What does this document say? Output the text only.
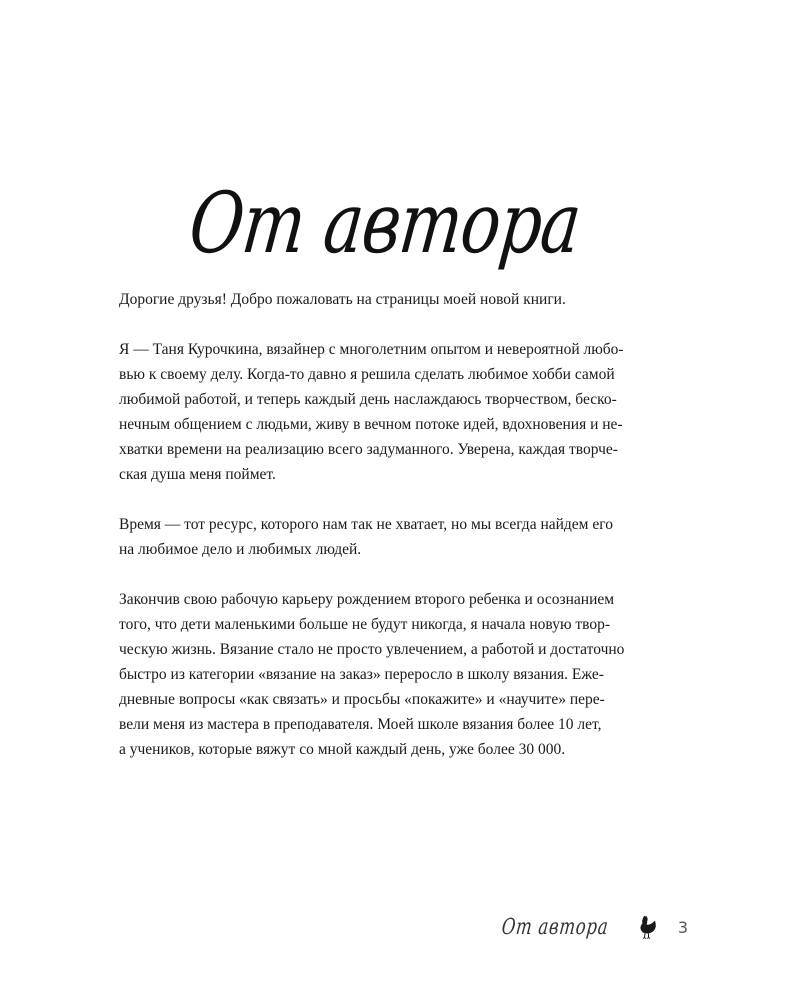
От автора

Дорогие друзья! Добро пожаловать на страницы моей новой книги.

Я — Таня Курочкина, вязайнер с многолетним опытом и невероятной любо-
вью к своему делу. Когда-то давно я решила сделать любимое хобби самой
любимой работой, и теперь каждый день наслаждаюсь творчеством, беско-
нечным общением с людьми, живу в вечном потоке идей, вдохновения и не-
хватки времени на реализацию всего задуманного. Уверена, каждая творче-
ская душа меня поймет.

Время — тот ресурс, которого нам так не хватает, но мы всегда найдем его
на любимое дело и любимых людей.

Закончив свою рабочую карьеру рождением второго ребенка и осознанием
того, что дети маленькими больше не будут никогда, я начала новую твор-
ческую жизнь. Вязание стало не просто увлечением, а работой и достаточно
быстро из категории «вязание на заказ» переросло в школу вязания. Еже-
дневные вопросы «как связать» и просьбы «покажите» и «научите» пере-
вели меня из мастера в преподавателя. Моей школе вязания более 10 лет,
а учеников, которые вяжут со мной каждый день, уже более 30 000.

От автора	3
